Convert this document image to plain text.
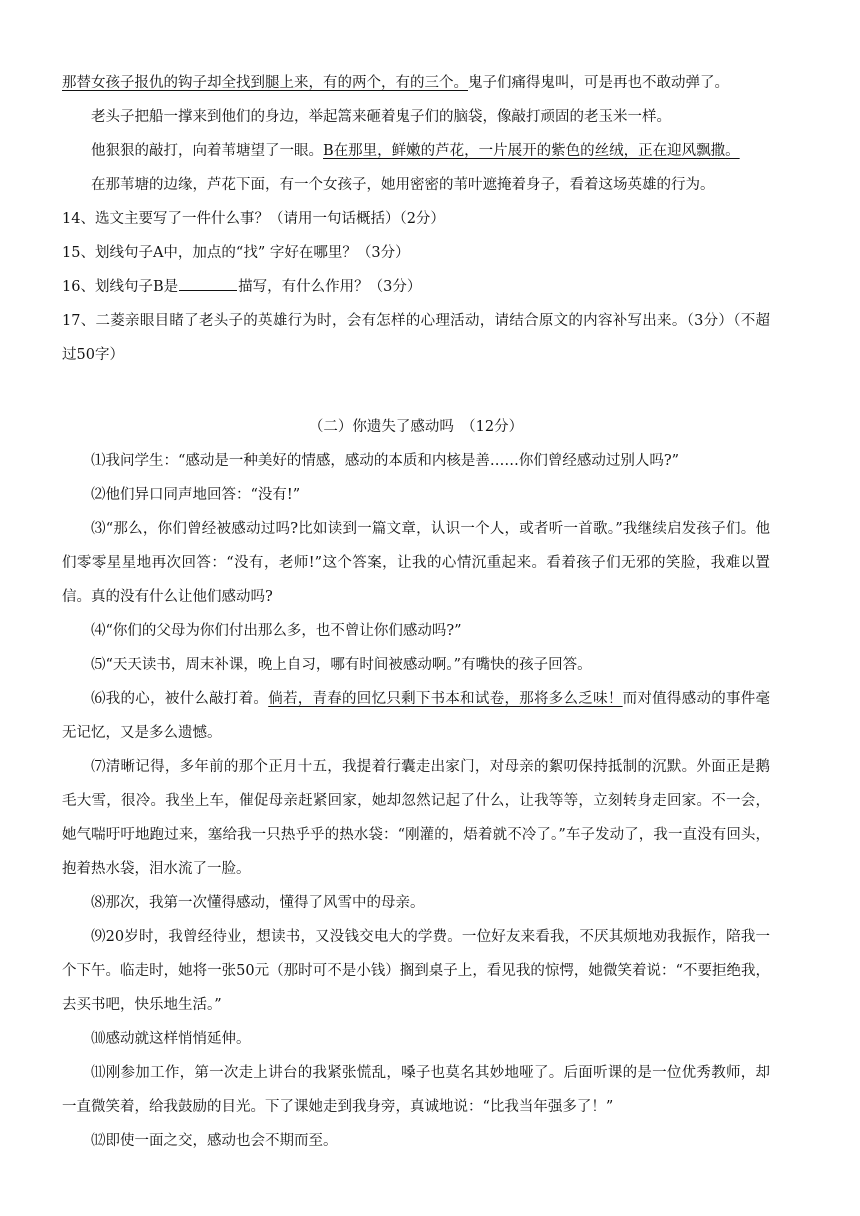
那替女孩子报仇的钩子却全找到腿上来，有的两个，有的三个。鬼子们痛得鬼叫，可是再也不敢动弹了。

老头子把船一撑来到他们的身边，举起篙来砸着鬼子们的脑袋，像敲打顽固的老玉米一样。

他狠狠的敲打，向着苇塘望了一眼。B在那里，鲜嫩的芦花，一片展开的紫色的丝绒，正在迎风飘撒。

在那苇塘的边缘，芦花下面，有一个女孩子，她用密密的苇叶遮掩着身子，看着这场英雄的行为。

14、选文主要写了一件什么事？（请用一句话概括）（2分）

15、划线句子A中，加点的“找” 字好在哪里？（3分）

16、划线句子B是	描写，有什么作用？（3分）

17、二菱亲眼目睹了老头子的英雄行为时，会有怎样的心理活动，请结合原文的内容补写出来。（3分）（不超过50字）

（二）你遗失了感动吗　（12分）

⑴我问学生：“感动是一种美好的情感，感动的本质和内核是善……你们曾经感动过别人吗?”

⑵他们异口同声地回答：“没有!”

⑶“那么，你们曾经被感动过吗?比如读到一篇文章，认识一个人，或者听一首歌。”我继续启发孩子们。他们零零星星地再次回答：“没有，老师!”这个答案，让我的心情沉重起来。看着孩子们无邪的笑脸，我难以置信。真的没有什么让他们感动吗?

⑷“你们的父母为你们付出那么多，也不曾让你们感动吗?”

⑸“天天读书，周末补课，晚上自习，哪有时间被感动啊。”有嘴快的孩子回答。

⑹我的心，被什么敲打着。倘若，青春的回忆只剩下书本和试卷，那将多么乏味！而对值得感动的事件毫无记忆，又是多么遗憾。

⑺清晰记得，多年前的那个正月十五，我提着行囊走出家门，对母亲的絮叨保持抵制的沉默。外面正是鹅毛大雪，很冷。我坐上车，催促母亲赶紧回家，她却忽然记起了什么，让我等等，立刻转身走回家。不一会，她气喘吁吁地跑过来，塞给我一只热乎乎的热水袋：“刚灌的，焐着就不冷了。”车子发动了，我一直没有回头，抱着热水袋，泪水流了一脸。

⑻那次，我第一次懂得感动，懂得了风雪中的母亲。

⑼20岁时，我曾经待业，想读书，又没钱交电大的学费。一位好友来看我，不厌其烦地劝我振作，陪我一个下午。临走时，她将一张50元（那时可不是小钱）搁到桌子上，看见我的惊愕，她微笑着说：“不要拒绝我，去买书吧，快乐地生活。”

⑽感动就这样悄悄延伸。

⑾刚参加工作，第一次走上讲台的我紧张慌乱，嗓子也莫名其妙地哑了。后面听课的是一位优秀教师，却一直微笑着，给我鼓励的目光。下了课她走到我身旁，真诚地说：“比我当年强多了！”

⑿即使一面之交，感动也会不期而至。
